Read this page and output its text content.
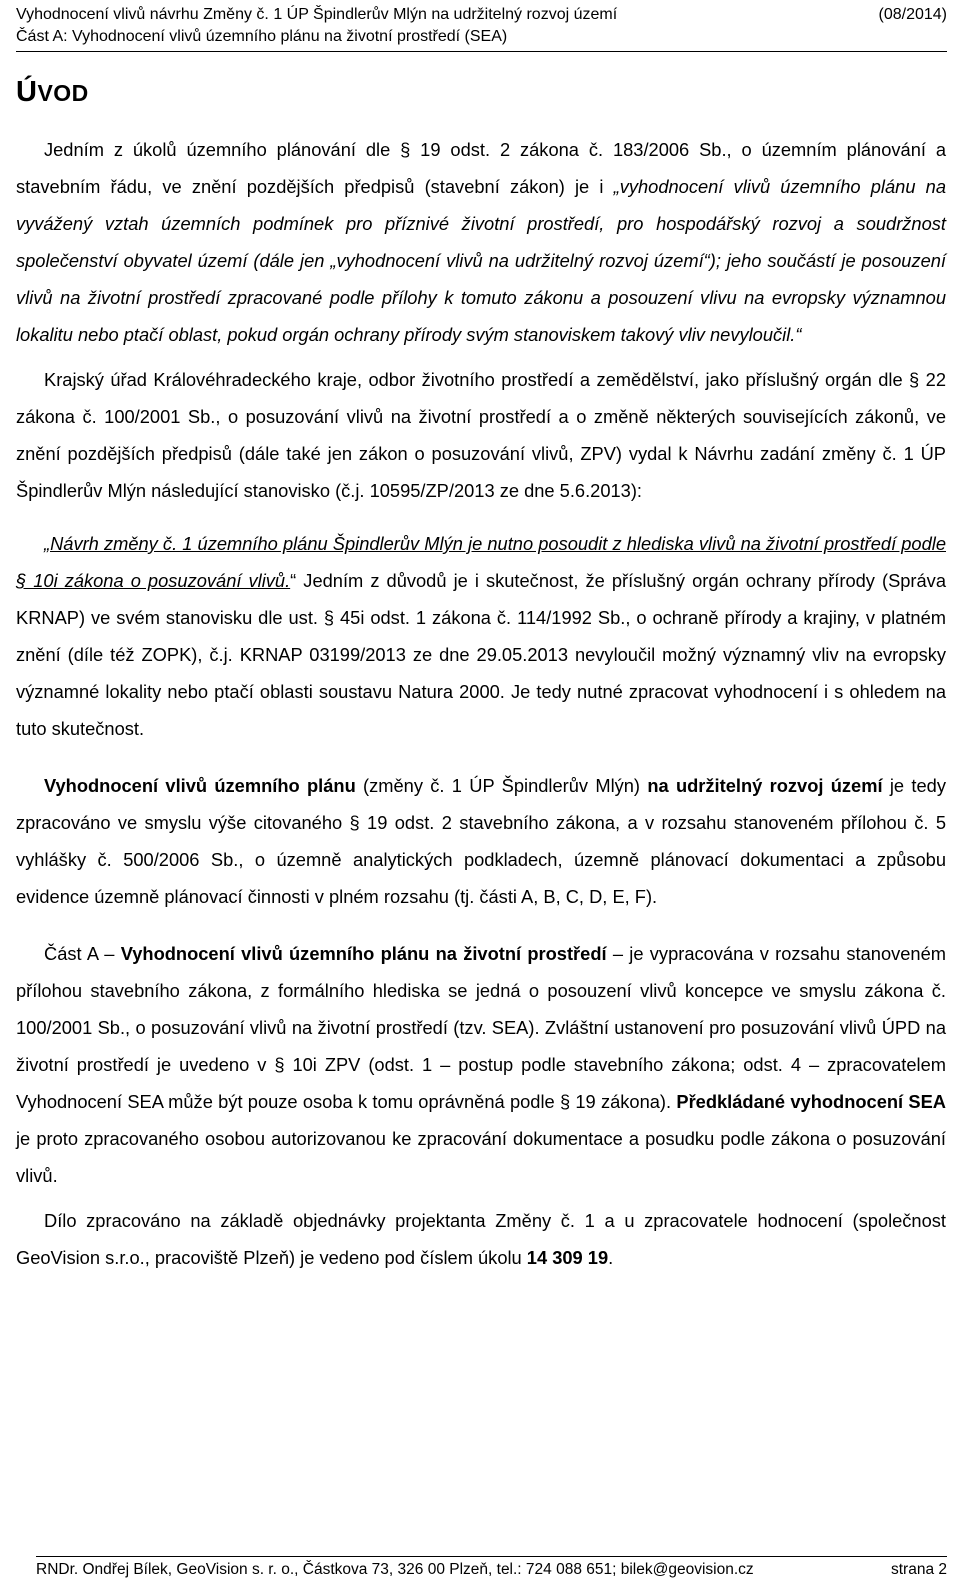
Vyhodnocení vlivů návrhu Změny č. 1 ÚP Špindlerův Mlýn na udržitelný rozvoj území	(08/2014)
Část A: Vyhodnocení vlivů územního plánu na životní prostředí (SEA)
ÚVOD

Jedním z úkolů územního plánování dle § 19 odst. 2 zákona č. 183/2006 Sb., o územním plánování a stavebním řádu, ve znění pozdějších předpisů (stavební zákon) je i „vyhodnocení vlivů územního plánu na vyvážený vztah územních podmínek pro příznivé životní prostředí, pro hospodářský rozvoj a soudržnost společenství obyvatel území (dále jen „vyhodnocení vlivů na udržitelný rozvoj území“); jeho součástí je posouzení vlivů na životní prostředí zpracované podle přílohy k tomuto zákonu a posouzení vlivu na evropsky významnou lokalitu nebo ptačí oblast, pokud orgán ochrany přírody svým stanoviskem takový vliv nevyloučil.“

Krajský úřad Královéhradeckého kraje, odbor životního prostředí a zemědělství, jako příslušný orgán dle § 22 zákona č. 100/2001 Sb., o posuzování vlivů na životní prostředí a o změně některých souvisejících zákonů, ve znění pozdějších předpisů (dále také jen zákon o posuzování vlivů, ZPV) vydal k Návrhu zadání změny č. 1 ÚP Špindlerův Mlýn následující stanovisko (č.j. 10595/ZP/2013 ze dne 5.6.2013):

„Návrh změny č. 1 územního plánu Špindlerův Mlýn je nutno posoudit z hlediska vlivů na životní prostředí podle § 10i zákona o posuzování vlivů.“ Jedním z důvodů je i skutečnost, že příslušný orgán ochrany přírody (Správa KRNAP) ve svém stanovisku dle ust. § 45i odst. 1 zákona č. 114/1992 Sb., o ochraně přírody a krajiny, v platném znění (díle též ZOPK), č.j. KRNAP 03199/2013 ze dne 29.05.2013 nevyloučil možný významný vliv na evropsky významné lokality nebo ptačí oblasti soustavu Natura 2000. Je tedy nutné zpracovat vyhodnocení i s ohledem na tuto skutečnost.

Vyhodnocení vlivů územního plánu (změny č. 1 ÚP Špindlerův Mlýn) na udržitelný rozvoj území je tedy zpracováno ve smyslu výše citovaného § 19 odst. 2 stavebního zákona, a v rozsahu stanoveném přílohou č. 5 vyhlášky č. 500/2006 Sb., o územně analytických podkladech, územně plánovací dokumentaci a způsobu evidence územně plánovací činnosti v plném rozsahu (tj. části A, B, C, D, E, F).

Část A – Vyhodnocení vlivů územního plánu na životní prostředí – je vypracována v rozsahu stanoveném přílohou stavebního zákona, z formálního hlediska se jedná o posouzení vlivů koncepce ve smyslu zákona č. 100/2001 Sb., o posuzování vlivů na životní prostředí (tzv. SEA). Zvláštní ustanovení pro posuzování vlivů ÚPD na životní prostředí je uvedeno v § 10i ZPV (odst. 1 – postup podle stavebního zákona; odst. 4 – zpracovatelem Vyhodnocení SEA může být pouze osoba k tomu oprávněná podle § 19 zákona). Předkládané vyhodnocení SEA je proto zpracovaného osobou autorizovanou ke zpracování dokumentace a posudku podle zákona o posuzování vlivů.

Dílo zpracováno na základě objednávky projektanta Změny č. 1 a u zpracovatele hodnocení (společnost GeoVision s.r.o., pracoviště Plzeň) je vedeno pod číslem úkolu 14 309 19.

RNDr. Ondřej Bílek, GeoVision s. r. o., Částkova 73, 326 00 Plzeň, tel.: 724 088 651; bilek@geovision.cz	strana 2
